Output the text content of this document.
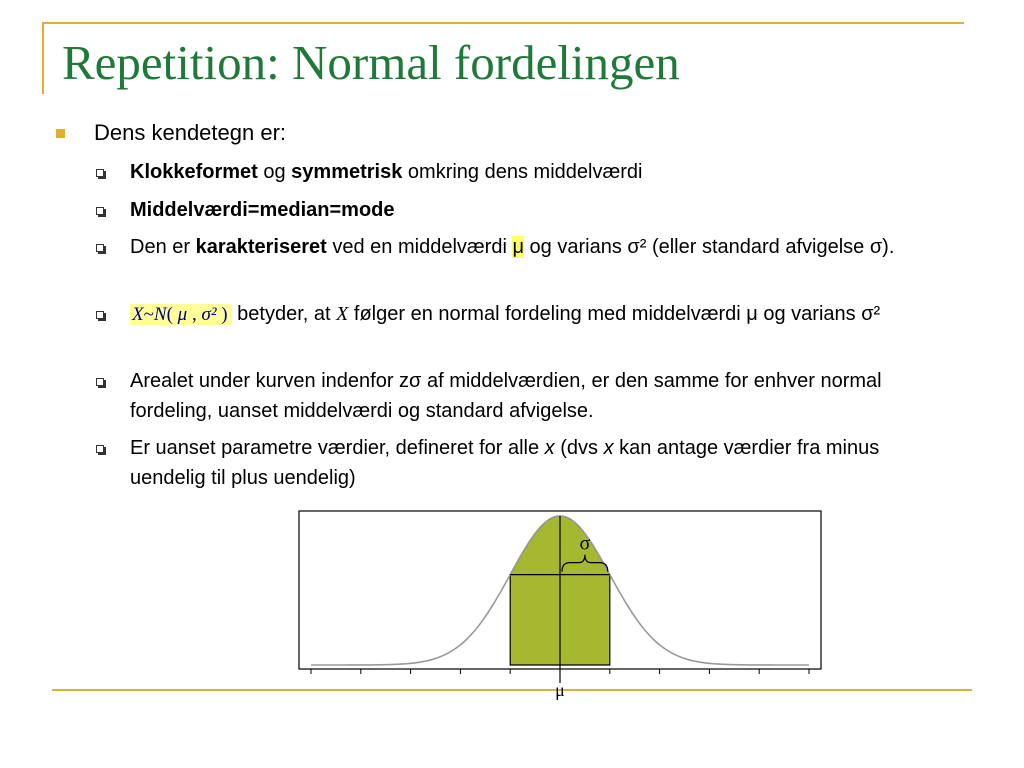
Repetition: Normal fordelingen
Dens kendetegn er:
Klokkeformet og symmetrisk omkring dens middelværdi
Middelværdi=median=mode
Den er karakteriseret ved en middelværdi μ og varians σ² (eller standard afvigelse σ).
X~N( μ , σ² ) betyder, at X følger en normal fordeling med middelværdi μ og varians σ²
Arealet under kurven indenfor zσ af middelværdien, er den samme for enhver normal fordeling, uanset middelværdi og standard afvigelse.
Er uanset parametre værdier, defineret for alle x (dvs x kan antage værdier fra minus uendelig til plus uendelig)
σ
μ
